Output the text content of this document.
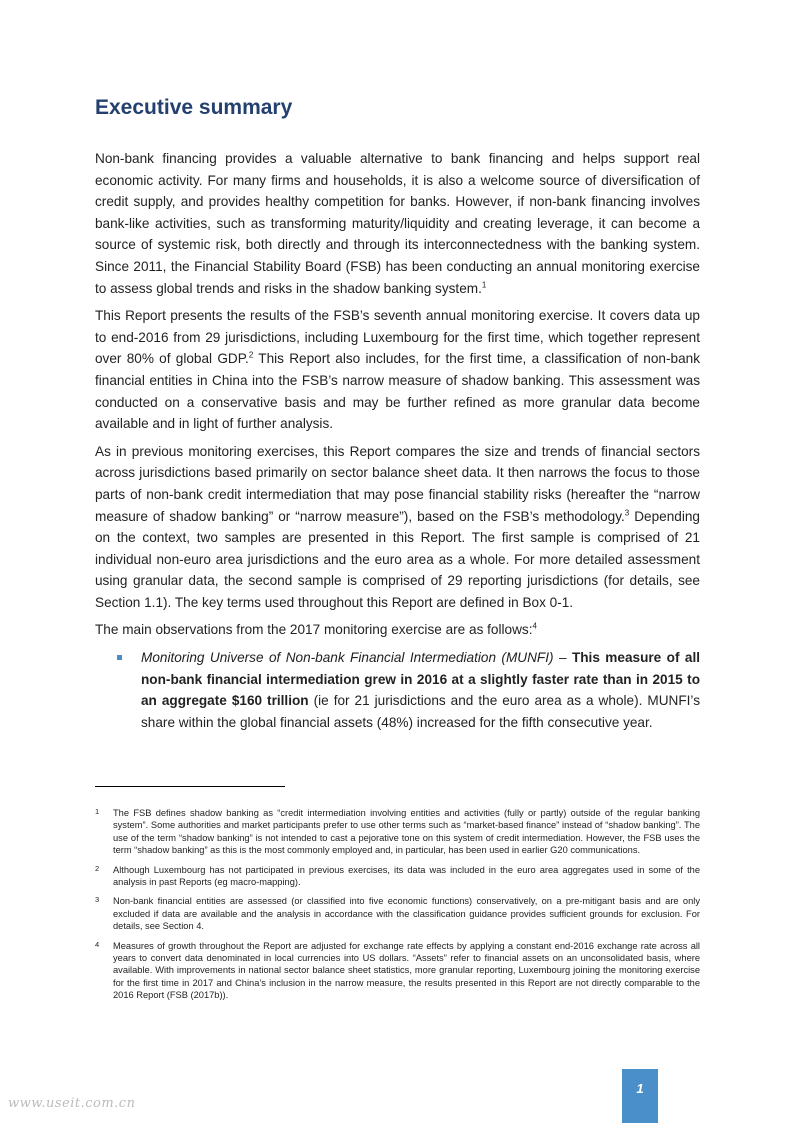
Executive summary

Non-bank financing provides a valuable alternative to bank financing and helps support real economic activity. For many firms and households, it is also a welcome source of diversification of credit supply, and provides healthy competition for banks. However, if non-bank financing involves bank-like activities, such as transforming maturity/liquidity and creating leverage, it can become a source of systemic risk, both directly and through its interconnectedness with the banking system. Since 2011, the Financial Stability Board (FSB) has been conducting an annual monitoring exercise to assess global trends and risks in the shadow banking system.$^1$

This Report presents the results of the FSB’s seventh annual monitoring exercise. It covers data up to end-2016 from 29 jurisdictions, including Luxembourg for the first time, which together represent over 80% of global GDP.$^2$ This Report also includes, for the first time, a classification of non-bank financial entities in China into the FSB’s narrow measure of shadow banking. This assessment was conducted on a conservative basis and may be further refined as more granular data become available and in light of further analysis.

As in previous monitoring exercises, this Report compares the size and trends of financial sectors across jurisdictions based primarily on sector balance sheet data. It then narrows the focus to those parts of non-bank credit intermediation that may pose financial stability risks (hereafter the “narrow measure of shadow banking” or “narrow measure”), based on the FSB’s methodology.$^3$ Depending on the context, two samples are presented in this Report. The first sample is comprised of 21 individual non-euro area jurisdictions and the euro area as a whole. For more detailed assessment using granular data, the second sample is comprised of 29 reporting jurisdictions (for details, see Section 1.1). The key terms used throughout this Report are defined in Box 0-1.

The main observations from the 2017 monitoring exercise are as follows:$^4$

Monitoring Universe of Non-bank Financial Intermediation (MUNFI) – This measure of all non-bank financial intermediation grew in 2016 at a slightly faster rate than in 2015 to an aggregate $160 trillion (ie for 21 jurisdictions and the euro area as a whole). MUNFI’s share within the global financial assets (48%) increased for the fifth consecutive year.

1 The FSB defines shadow banking as “credit intermediation involving entities and activities (fully or partly) outside of the regular banking system”. Some authorities and market participants prefer to use other terms such as “market-based finance” instead of “shadow banking”. The use of the term “shadow banking” is not intended to cast a pejorative tone on this system of credit intermediation. However, the FSB uses the term “shadow banking” as this is the most commonly employed and, in particular, has been used in earlier G20 communications.
2 Although Luxembourg has not participated in previous exercises, its data was included in the euro area aggregates used in some of the analysis in past Reports (eg macro-mapping).
3 Non-bank financial entities are assessed (or classified into five economic functions) conservatively, on a pre-mitigant basis and are only excluded if data are available and the analysis in accordance with the classification guidance provides sufficient grounds for exclusion. For details, see Section 4.
4 Measures of growth throughout the Report are adjusted for exchange rate effects by applying a constant end-2016 exchange rate across all years to convert data denominated in local currencies into US dollars. “Assets” refer to financial assets on an unconsolidated basis, where available. With improvements in national sector balance sheet statistics, more granular reporting, Luxembourg joining the monitoring exercise for the first time in 2017 and China’s inclusion in the narrow measure, the results presented in this Report are not directly comparable to the 2016 Report (FSB (2017b)).
1
www.useit.com.cn
